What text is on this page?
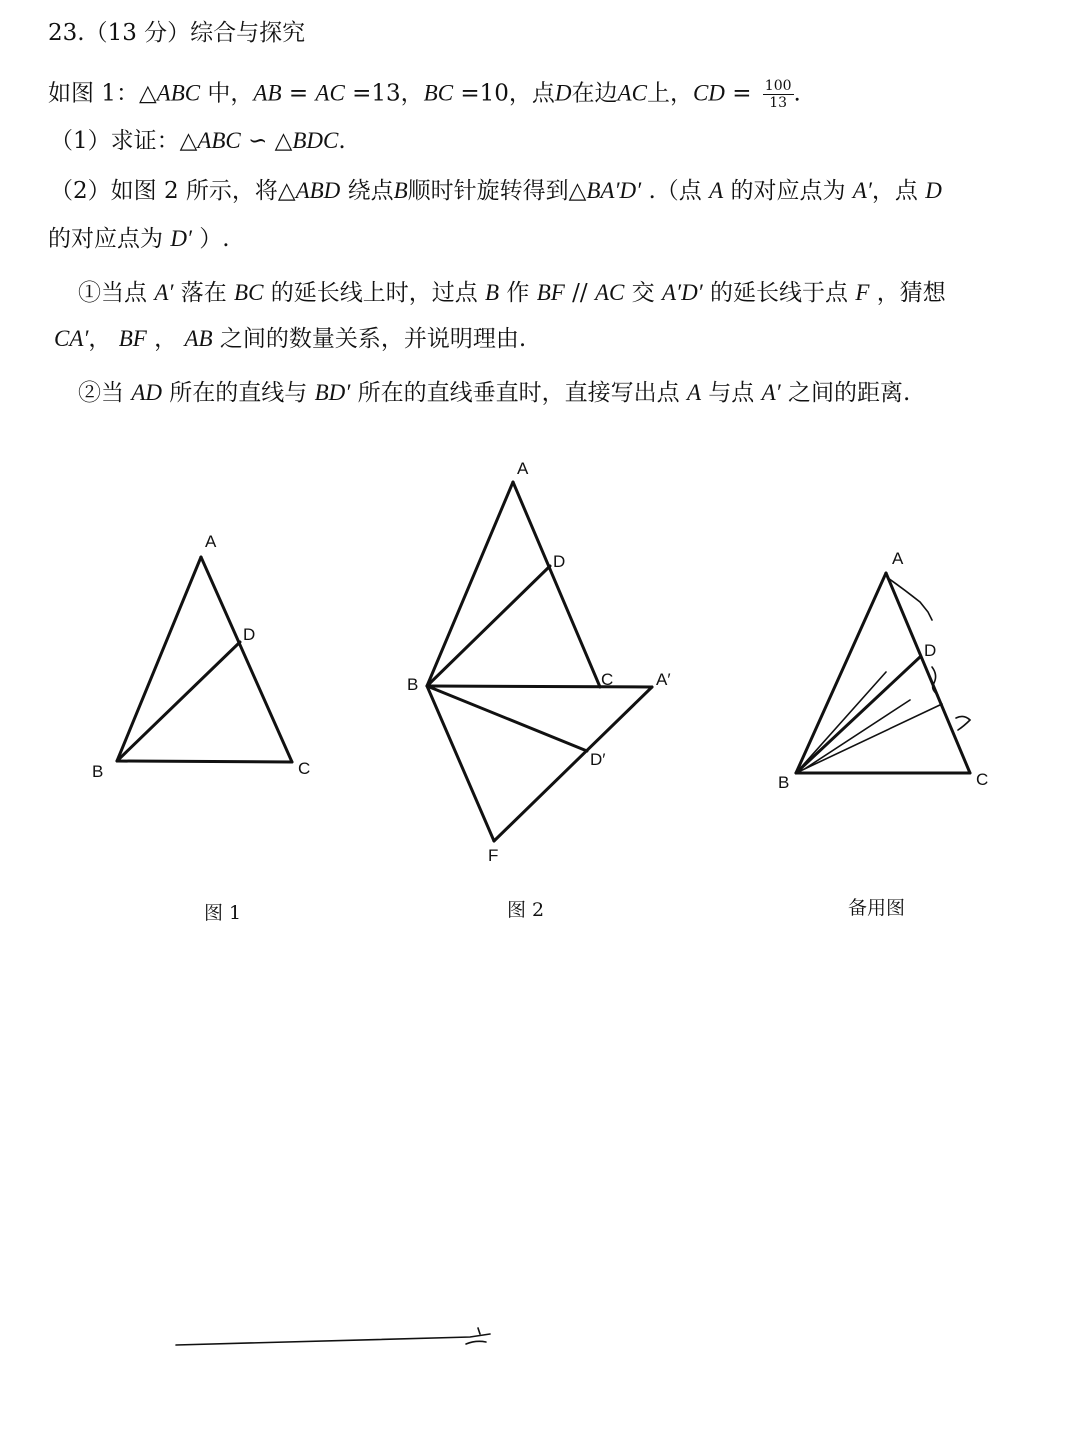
23.（13 分）综合与探究
如图 1：△ABC 中，AB = AC =13，BC =10，点D在边AC上，CD = $\frac{100}{13}$ .
（1）求证：△ABC ∽ △BDC.
（2）如图 2 所示，将△ABD 绕点B顺时针旋转得到△BA′D′ .（点 A 的对应点为 A′，点 D
的对应点为 D′ ）.
①当点 A′ 落在 BC 的延长线上时，过点 B 作 BF // AC 交 A′D′ 的延长线于点 F ，猜想
CA′， BF ， AB 之间的数量关系，并说明理由.
②当 AD 所在的直线与 BD′ 所在的直线垂直时，直接写出点 A 与点 A′ 之间的距离.
A
B	C
D
图 1
A
B	C
D
A′
D′
F
图 2
A
B	C
D
备用图
